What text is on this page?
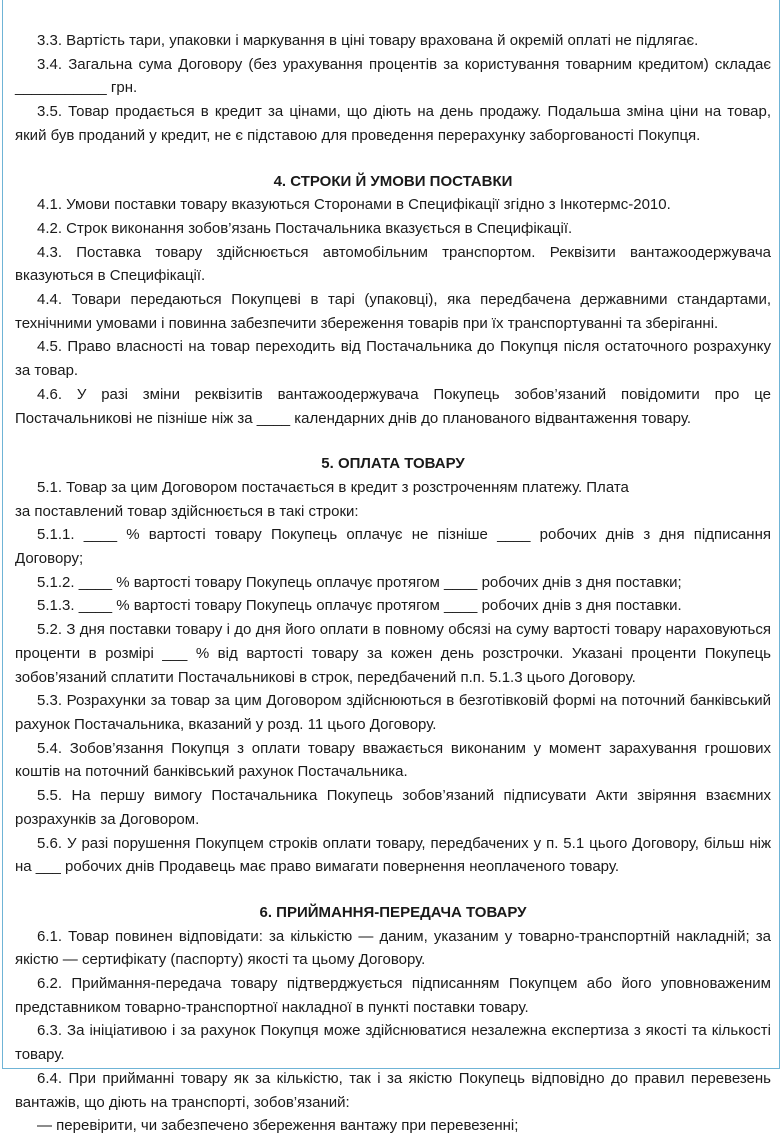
3.3. Вартість тари, упаковки і маркування в ціні товару врахована й окремій оплаті не підлягає.

3.4. Загальна сума Договору (без урахування процентів за користування товарним кредитом) складає ___________ грн.

3.5. Товар продається в кредит за цінами, що діють на день продажу. Подальша зміна ціни на товар, який був проданий у кредит, не є підставою для проведення перерахунку заборгованості Покупця.

4. СТРОКИ Й УМОВИ ПОСТАВКИ

4.1. Умови поставки товару вказуються Сторонами в Специфікації згідно з Інкотермс-2010.

4.2. Строк виконання зобов’язань Постачальника вказується в Специфікації.

4.3. Поставка товару здійснюється автомобільним транспортом. Реквізити вантажоодержувача вказуються в Специфікації.

4.4. Товари передаються Покупцеві в тарі (упаковці), яка передбачена державними стандартами, технічними умовами і повинна забезпечити збереження товарів при їх транспортуванні та зберіганні.

4.5. Право власності на товар переходить від Постачальника до Покупця після остаточного розрахунку за товар.

4.6. У разі зміни реквізитів вантажоодержувача Покупець зобов’язаний повідомити про це Постачальникові не пізніше ніж за ____ календарних днів до планованого відвантаження товару.

5. ОПЛАТА ТОВАРУ

5.1. Товар за цим Договором постачається в кредит з розстроченням платежу. Плата

за поставлений товар здійснюється в такі строки:

5.1.1. ____ % вартості товару Покупець оплачує не пізніше ____ робочих днів з дня підписання Договору;

5.1.2. ____ % вартості товару Покупець оплачує протягом ____ робочих днів з дня поставки;

5.1.3. ____ % вартості товару Покупець оплачує протягом ____ робочих днів з дня поставки.

5.2. З дня поставки товару і до дня його оплати в повному обсязі на суму вартості товару нараховуються проценти в розмірі ___ % від вартості товару за кожен день розстрочки. Указані проценти Покупець зобов’язаний сплатити Постачальникові в строк, передбачений п.п. 5.1.3 цього Договору.

5.3. Розрахунки за товар за цим Договором здійснюються в безготівковій формі на поточний банківський рахунок Постачальника, вказаний у розд. 11 цього Договору.

5.4. Зобов’язання Покупця з оплати товару вважається виконаним у момент зарахування грошових коштів на поточний банківський рахунок Постачальника.

5.5. На першу вимогу Постачальника Покупець зобов’язаний підписувати Акти звіряння взаємних розрахунків за Договором.

5.6. У разі порушення Покупцем строків оплати товару, передбачених у п. 5.1 цього Договору, більш ніж на ___ робочих днів Продавець має право вимагати повернення неоплаченого товару.

6. ПРИЙМАННЯ-ПЕРЕДАЧА ТОВАРУ

6.1. Товар повинен відповідати: за кількістю — даним, указаним у товарно-транспортній накладній; за якістю — сертифікату (паспорту) якості та цьому Договору.

6.2. Приймання-передача товару підтверджується підписанням Покупцем або його уповноваженим представником товарно-транспортної накладної в пункті поставки товару.

6.3. За ініціативою і за рахунок Покупця може здійснюватися незалежна експертиза з якості та кількості товару.

6.4. При прийманні товару як за кількістю, так і за якістю Покупець відповідно до правил перевезень вантажів, що діють на транспорті, зобов’язаний:

— перевірити, чи забезпечено збереження вантажу при перевезенні;
